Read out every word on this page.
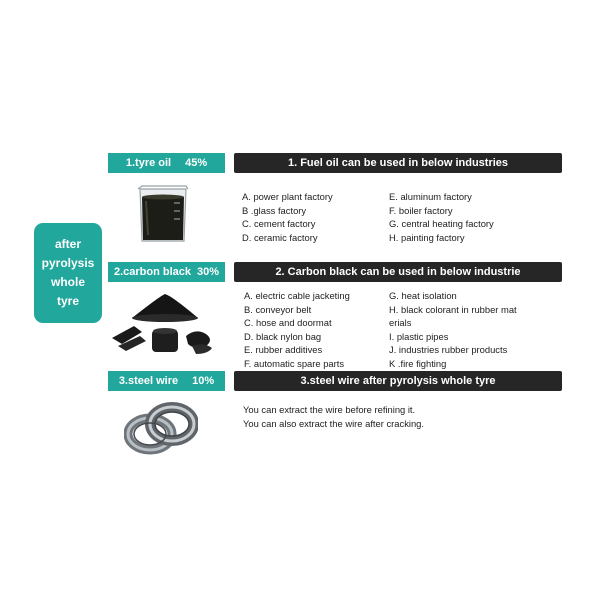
after
pyrolysis
whole
tyre
1.tyre oil 45%	1. Fuel oil can be used in below industries
A. power plant factory
B .glass factory
C. cement factory
D. ceramic factory
E. aluminum factory
F. boiler factory
G. central heating factory
H. painting factory
2.carbon black 30%	2. Carbon black can be used in below industrie
A. electric cable jacketing
B. conveyor belt
C. hose and doormat
D. black nylon bag
E. rubber additives
F. automatic spare parts
G. heat isolation
H. black colorant in rubber mat
erials
I. plastic pipes
J. industries rubber products
K .fire fighting
3.steel wire 10%	3.steel wire after pyrolysis whole tyre
You can extract the wire before refining it.
You can also extract the wire after cracking.
